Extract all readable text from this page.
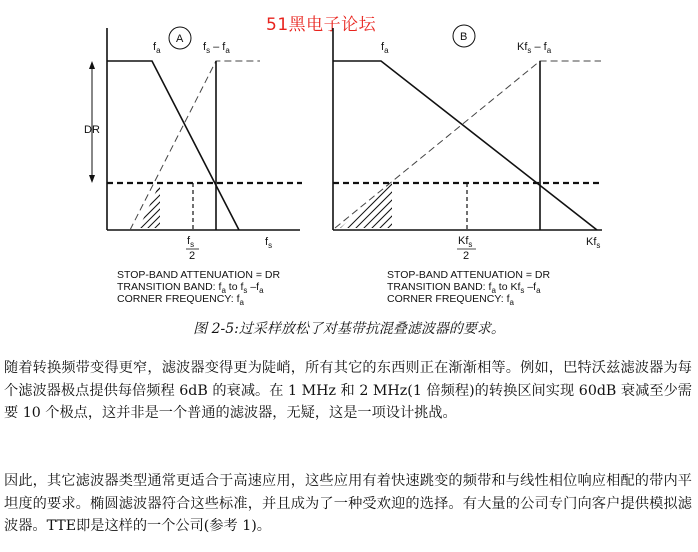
51黑电子论坛
DR
A
$f_a$	$f_s - f_a$
$f_s$
2
$f_s$
STOP-BAND ATTENUATION = DR
TRANSITION BAND: $f_a$ to $f_s$ $-f_a$
CORNER FREQUENCY: $f_a$
B
$f_a$	$Kf_s - f_a$
$Kf_s$
2
$Kf_s$
STOP-BAND ATTENUATION = DR
TRANSITION BAND: $f_a$ to $Kf_s$ $-f_a$
CORNER FREQUENCY: $f_a$
图 2-5:过采样放松了对基带抗混叠滤波器的要求。

随着转换频带变得更窄，滤波器变得更为陡峭，所有其它的东西则正在渐渐相等。例如，巴特沃兹滤波器为每个滤波器极点提供每倍频程 6dB 的衰减。在 1 MHz 和 2 MHz(1 倍频程)的转换区间实现 60dB 衰减至少需要 10 个极点，这并非是一个普通的滤波器，无疑，这是一项设计挑战。

因此，其它滤波器类型通常更适合于高速应用，这些应用有着快速跳变的频带和与线性相位响应相配的带内平坦度的要求。椭圆滤波器符合这些标准，并且成为了一种受欢迎的选择。有大量的公司专门向客户提供模拟滤波器。TTE即是这样的一个公司(参考 1)。
